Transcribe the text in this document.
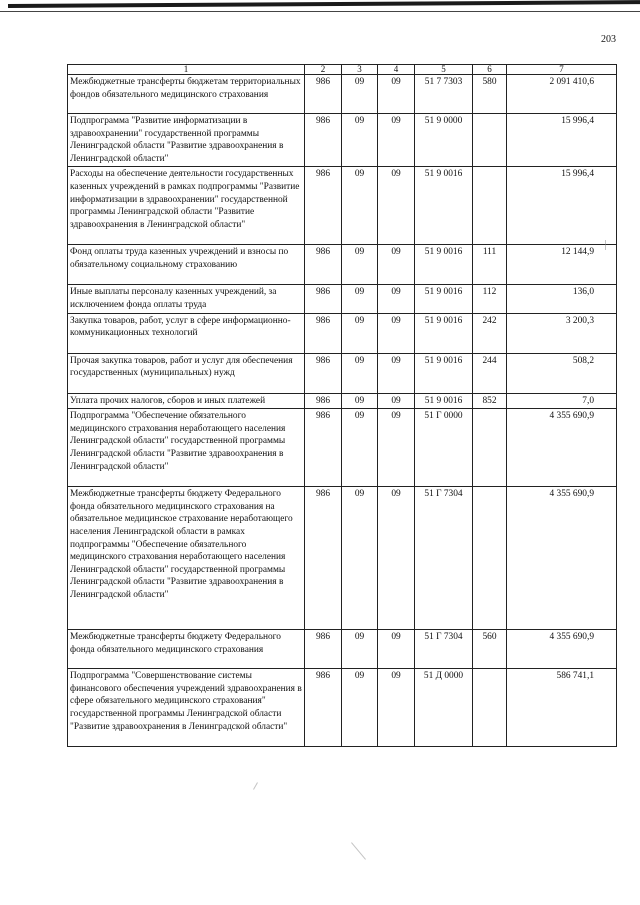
203
1	2	3	4	5	6	7
Межбюджетные трансферты бюджетам территориальных фондов обязательного медицинского страхования	986	09	09	51 7 7303	580	2 091 410,6
Подпрограмма "Развитие информатизации в здравоохранении" государственной программы Ленинградской области "Развитие здравоохранения в Ленинградской области"	986	09	09	51 9 0000		15 996,4
Расходы на обеспечение деятельности государственных казенных учреждений в рамках подпрограммы "Развитие информатизации в здравоохранении" государственной программы Ленинградской области "Развитие здравоохранения в Ленинградской области"	986	09	09	51 9 0016		15 996,4
Фонд оплаты труда казенных учреждений и взносы по обязательному социальному страхованию	986	09	09	51 9 0016	111	12 144,9
Иные выплаты персоналу казенных учреждений, за исключением фонда оплаты труда	986	09	09	51 9 0016	112	136,0
Закупка товаров, работ, услуг в сфере информационно-коммуникационных технологий	986	09	09	51 9 0016	242	3 200,3
Прочая закупка товаров, работ и услуг для обеспечения государственных (муниципальных) нужд	986	09	09	51 9 0016	244	508,2
Уплата прочих налогов, сборов и иных платежей	986	09	09	51 9 0016	852	7,0
Подпрограмма "Обеспечение обязательного медицинского страхования неработающего населения Ленинградской области" государственной программы Ленинградской области "Развитие здравоохранения в Ленинградской области"	986	09	09	51 Г 0000		4 355 690,9
Межбюджетные трансферты бюджету Федерального фонда обязательного медицинского страхования на обязательное медицинское страхование неработающего населения Ленинградской области в рамках подпрограммы "Обеспечение обязательного медицинского страхования неработающего населения Ленинградской области" государственной программы Ленинградской области "Развитие здравоохранения в Ленинградской области"	986	09	09	51 Г 7304		4 355 690,9
Межбюджетные трансферты бюджету Федерального фонда обязательного медицинского страхования	986	09	09	51 Г 7304	560	4 355 690,9
Подпрограмма "Совершенствование системы финансового обеспечения учреждений здравоохранения в сфере обязательного медицинского страхования" государственной программы Ленинградской области "Развитие здравоохранения в Ленинградской области"	986	09	09	51 Д 0000		586 741,1
